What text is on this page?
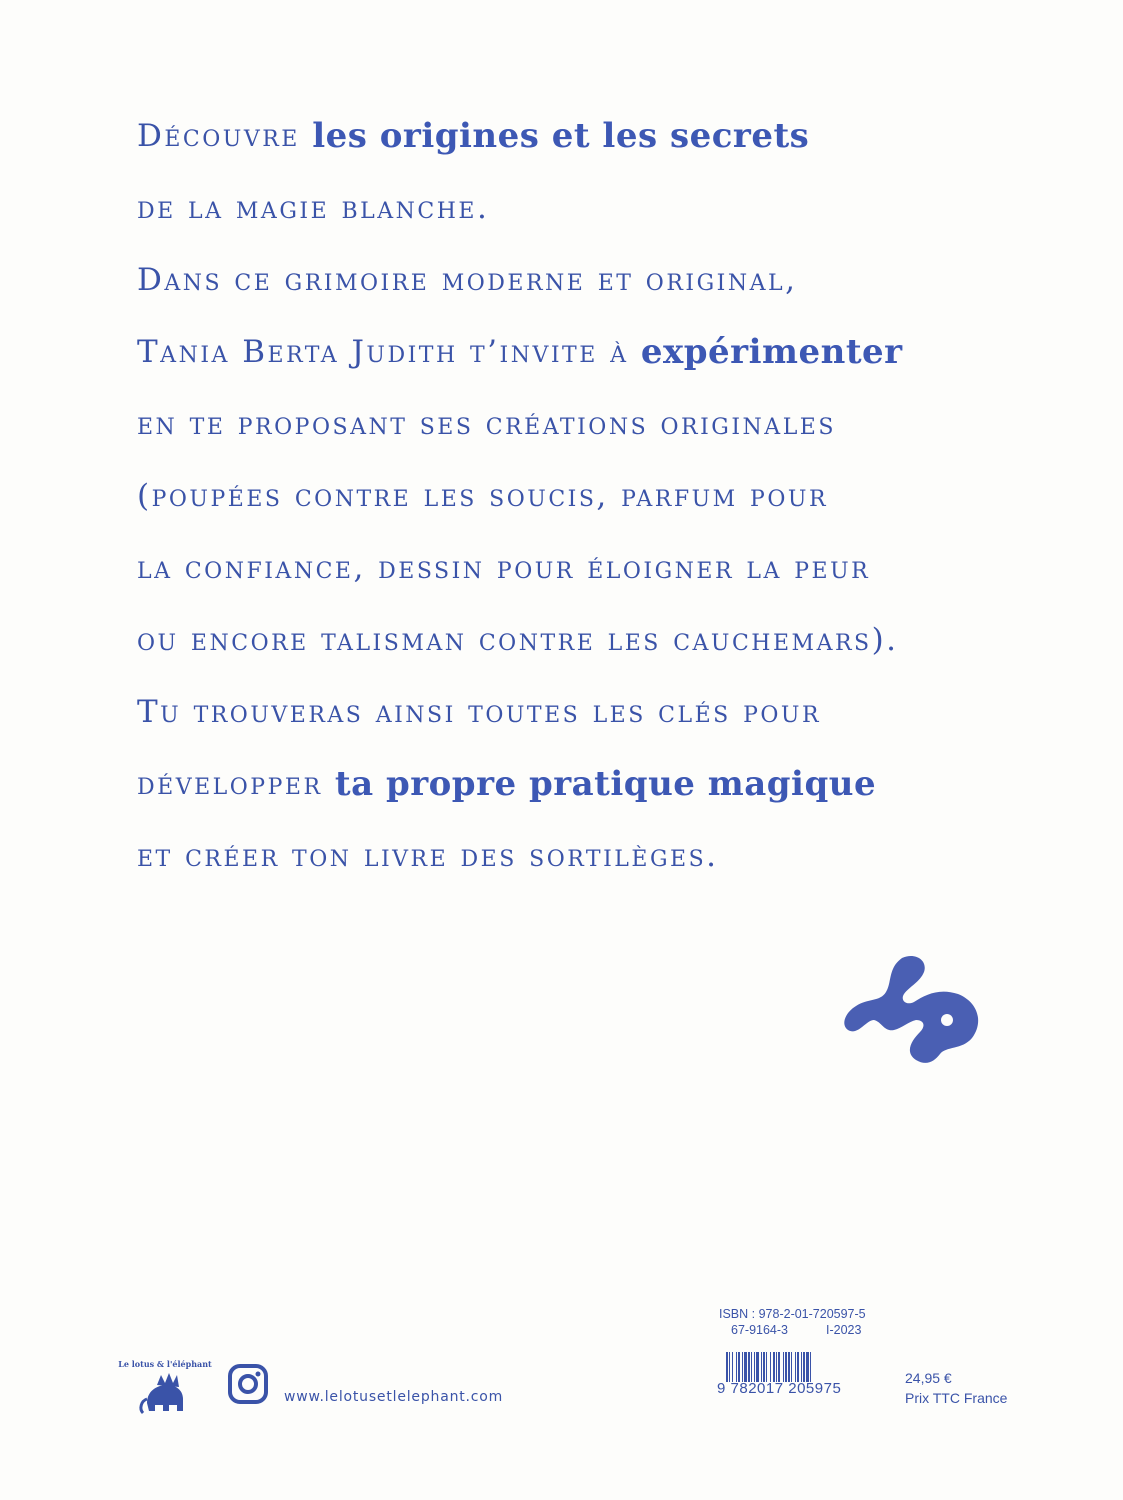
Découvre les origines et les secrets
de la magie blanche.
Dans ce grimoire moderne et original,
Tania Berta Judith t’invite à expérimenter
en te proposant ses créations originales
(poupées contre les soucis, parfum pour
la confiance, dessin pour éloigner la peur
ou encore talisman contre les cauchemars).
Tu trouveras ainsi toutes les clés pour
développer ta propre pratique magique
et créer ton livre des sortilèges.
Le lotus & l'éléphant
www.lelotusetlelephant.com
ISBN : 978-2-01-720597-5
67-9164-3	I-2023
9 782017 205975
24,95 €
Prix TTC France
